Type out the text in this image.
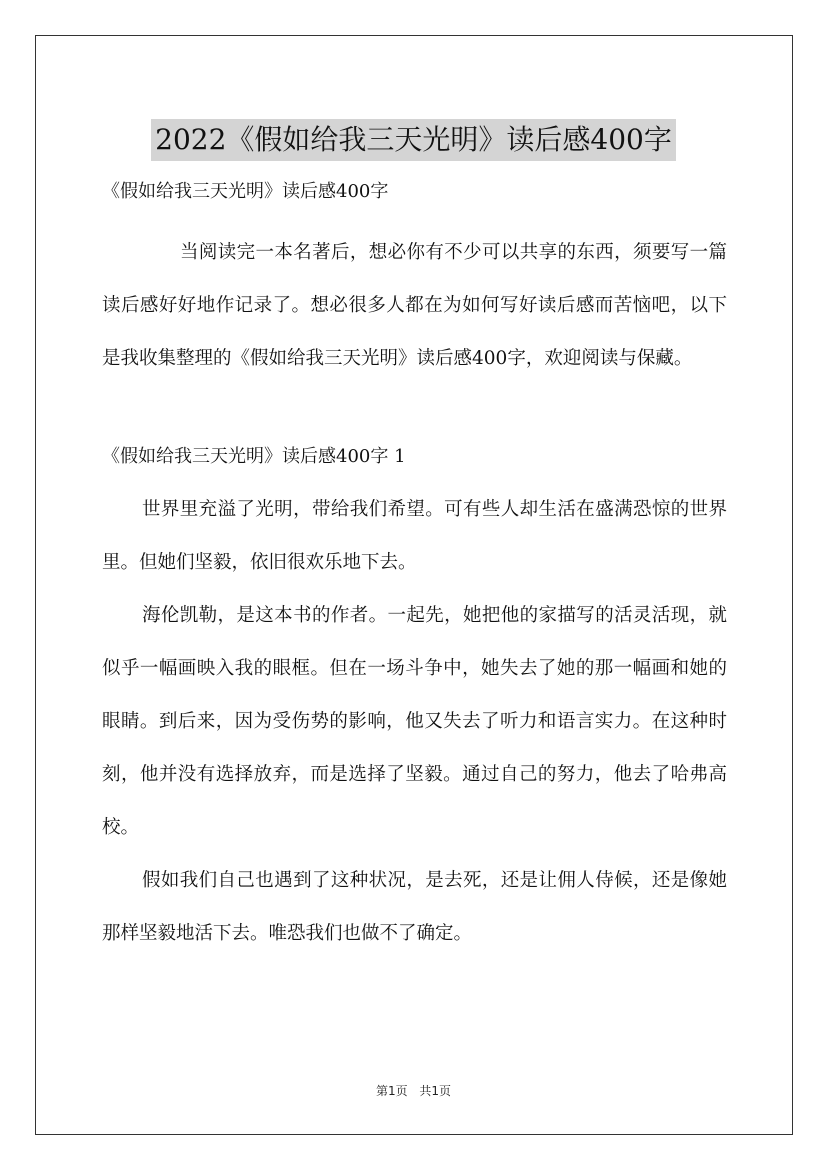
2022《假如给我三天光明》读后感400字

《假如给我三天光明》读后感400字

当阅读完一本名著后，想必你有不少可以共享的东西，须要写一篇读后感好好地作记录了。想必很多人都在为如何写好读后感而苦恼吧，以下是我收集整理的《假如给我三天光明》读后感400字，欢迎阅读与保藏。

《假如给我三天光明》读后感400字 1

世界里充溢了光明，带给我们希望。可有些人却生活在盛满恐惊的世界里。但她们坚毅，依旧很欢乐地下去。

海伦凯勒，是这本书的作者。一起先，她把他的家描写的活灵活现，就似乎一幅画映入我的眼框。但在一场斗争中，她失去了她的那一幅画和她的眼睛。到后来，因为受伤势的影响，他又失去了听力和语言实力。在这种时刻，他并没有选择放弃，而是选择了坚毅。通过自己的努力，他去了哈弗高校。

假如我们自己也遇到了这种状况，是去死，还是让佣人侍候，还是像她那样坚毅地活下去。唯恐我们也做不了确定。

第1页 共1页
